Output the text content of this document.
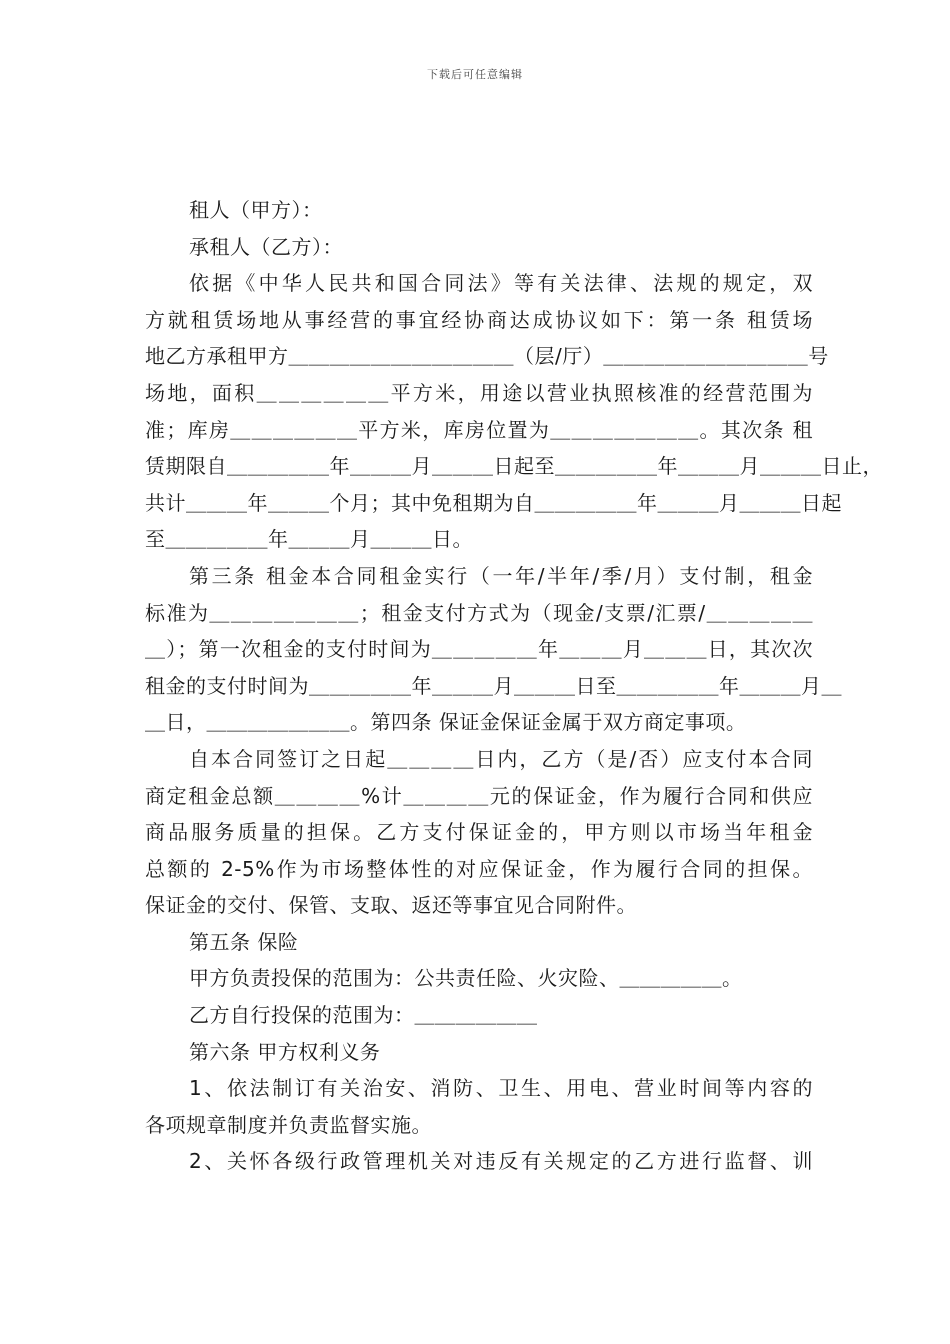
下载后可任意编辑
租人（甲方）：
承租人（乙方）：
依据《中华人民共和国合同法》等有关法律、法规的规定，双
方就租赁场地从事经营的事宜经协商达成协议如下：第一条 租赁场
地乙方承租甲方＿＿＿＿＿＿＿＿＿＿＿（层/厅）＿＿＿＿＿＿＿＿＿＿号
场地，面积＿＿＿＿＿＿平方米，用途以营业执照核准的经营范围为
准；库房＿＿＿＿＿＿平方米，库房位置为＿＿＿＿＿＿＿。其次条 租
赁期限自＿＿＿＿＿年＿＿＿月＿＿＿日起至＿＿＿＿＿年＿＿＿月＿＿＿日止，
共计＿＿＿年＿＿＿个月；其中免租期为自＿＿＿＿＿年＿＿＿月＿＿＿日起
至＿＿＿＿＿年＿＿＿月＿＿＿日。
第三条 租金本合同租金实行（一年/半年/季/月）支付制，租金
标准为＿＿＿＿＿＿＿；租金支付方式为（现金/支票/汇票/＿＿＿＿＿
＿）；第一次租金的支付时间为＿＿＿＿＿年＿＿＿月＿＿＿日，其次次
租金的支付时间为＿＿＿＿＿年＿＿＿月＿＿＿日至＿＿＿＿＿年＿＿＿月＿
＿日，＿＿＿＿＿＿＿。第四条 保证金保证金属于双方商定事项。
自本合同签订之日起＿＿＿＿日内，乙方（是/否）应支付本合同
商定租金总额＿＿＿＿%计＿＿＿＿元的保证金，作为履行合同和供应
商品服务质量的担保。乙方支付保证金的，甲方则以市场当年租金
总额的 2-5%作为市场整体性的对应保证金，作为履行合同的担保。
保证金的交付、保管、支取、返还等事宜见合同附件。
第五条 保险
甲方负责投保的范围为：公共责任险、火灾险、＿＿＿＿＿。
乙方自行投保的范围为：＿＿＿＿＿＿
第六条 甲方权利义务
1、依法制订有关治安、消防、卫生、用电、营业时间等内容的
各项规章制度并负责监督实施。
2、关怀各级行政管理机关对违反有关规定的乙方进行监督、训
